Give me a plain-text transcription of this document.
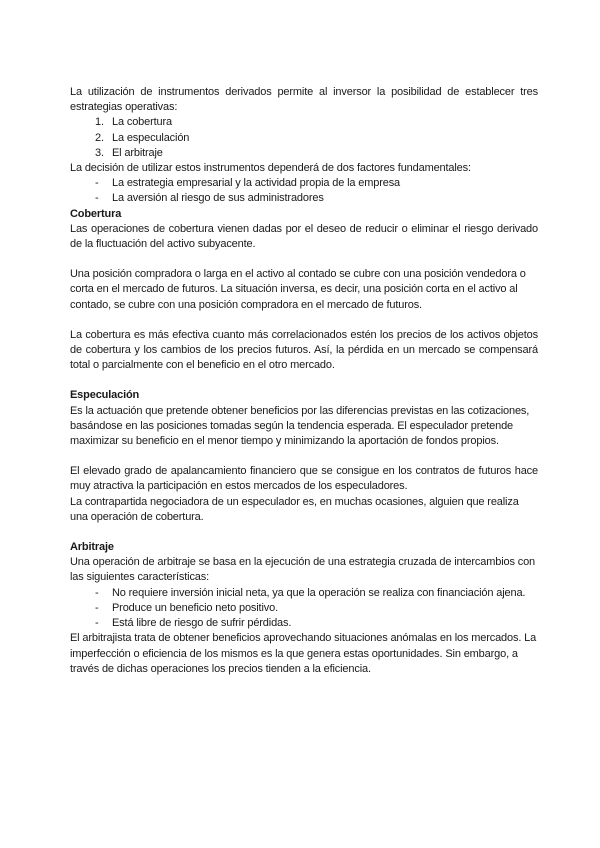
La utilización de instrumentos derivados permite al inversor la posibilidad de establecer tres estrategias operativas:

1. La cobertura
2. La especulación
3. El arbitraje

La decisión de utilizar estos instrumentos dependerá de dos factores fundamentales:

-	La estrategia empresarial y la actividad propia de la empresa
-	La aversión al riesgo de sus administradores
Cobertura

Las operaciones de cobertura vienen dadas por el deseo de reducir o eliminar el riesgo derivado de la fluctuación del activo subyacente.

Una posición compradora o larga en el activo al contado se cubre con una posición vendedora o corta en el mercado de futuros. La situación inversa, es decir, una posición corta en el activo al contado, se cubre con una posición compradora en el mercado de futuros.

La cobertura es más efectiva cuanto más correlacionados estén los precios de los activos objetos de cobertura y los cambios de los precios futuros. Así, la pérdida en un mercado se compensará total o parcialmente con el beneficio en el otro mercado.

Especulación

Es la actuación que pretende obtener beneficios por las diferencias previstas en las cotizaciones, basándose en las posiciones tomadas según la tendencia esperada. El especulador pretende maximizar su beneficio en el menor tiempo y minimizando la aportación de fondos propios.

El elevado grado de apalancamiento financiero que se consigue en los contratos de futuros hace muy atractiva la participación en estos mercados de los especuladores.

La contrapartida negociadora de un especulador es, en muchas ocasiones, alguien que realiza una operación de cobertura.

Arbitraje

Una operación de arbitraje se basa en la ejecución de una estrategia cruzada de intercambios con las siguientes características:

-	No requiere inversión inicial neta, ya que la operación se realiza con financiación ajena.
-	Produce un beneficio neto positivo.
-	Está libre de riesgo de sufrir pérdidas.

El arbitrajista trata de obtener beneficios aprovechando situaciones anómalas en los mercados. La imperfección o eficiencia de los mismos es la que genera estas oportunidades. Sin embargo, a través de dichas operaciones los precios tienden a la eficiencia.
